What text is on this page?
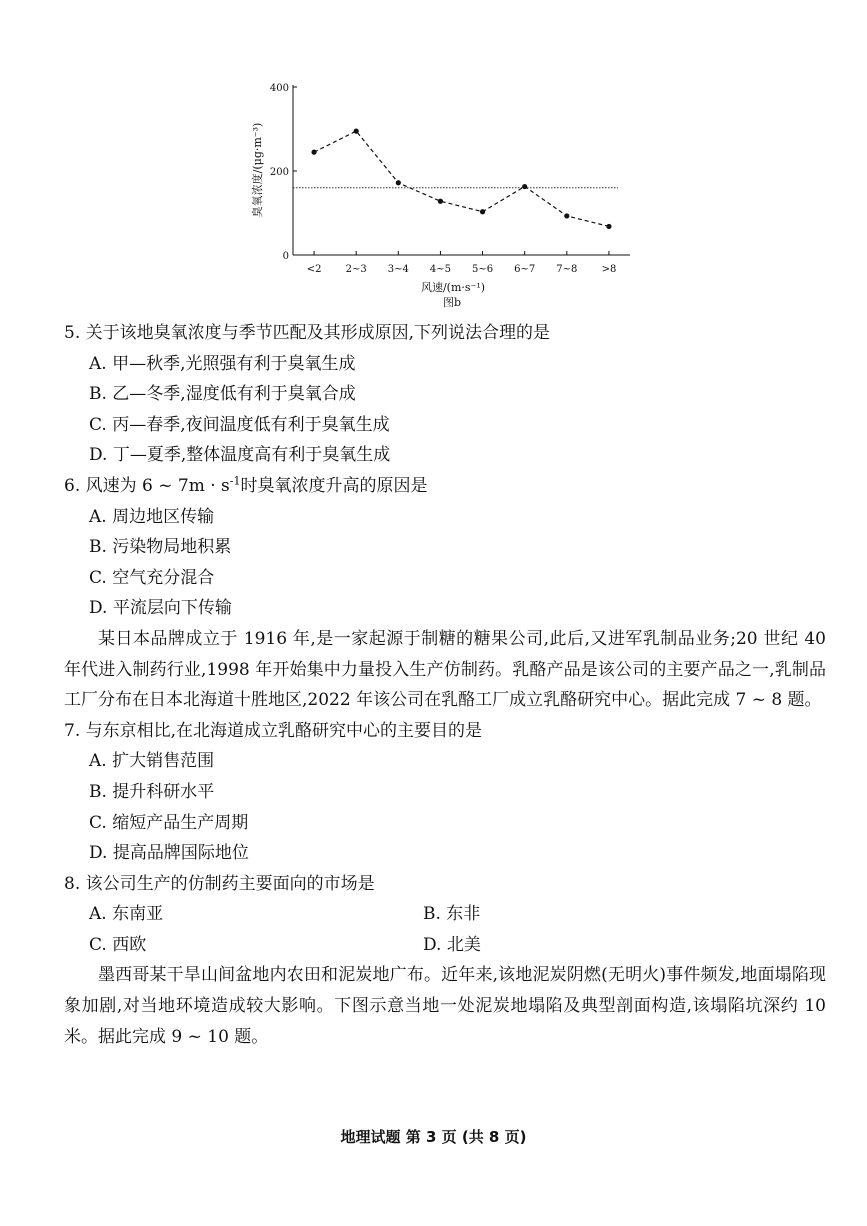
臭氧浓度/(μg·m⁻³)
风速/(m·s⁻¹)
图b
0
200
400
<2 2~3 3~4 4~5 5~6 6~7 7~8 >8

5. 关于该地臭氧浓度与季节匹配及其形成原因,下列说法合理的是

A. 甲—秋季,光照强有利于臭氧生成

B. 乙—冬季,湿度低有利于臭氧合成

C. 丙—春季,夜间温度低有利于臭氧生成

D. 丁—夏季,整体温度高有利于臭氧生成

6. 风速为 6 ~ $7m \cdot s^{-1}$时臭氧浓度升高的原因是

A. 周边地区传输

B. 污染物局地积累

C. 空气充分混合

D. 平流层向下传输

某日本品牌成立于 1916 年,是一家起源于制糖的糖果公司,此后,又进军乳制品业务;20 世纪 40 年代进入制药行业,1998 年开始集中力量投入生产仿制药。乳酪产品是该公司的主要产品之一,乳制品工厂分布在日本北海道十胜地区,2022 年该公司在乳酪工厂成立乳酪研究中心。据此完成 7 ~ 8 题。

7. 与东京相比,在北海道成立乳酪研究中心的主要目的是

A. 扩大销售范围

B. 提升科研水平

C. 缩短产品生产周期

D. 提高品牌国际地位

8. 该公司生产的仿制药主要面向的市场是

A. 东南亚	B. 东非
C. 西欧	D. 北美

墨西哥某干旱山间盆地内农田和泥炭地广布。近年来,该地泥炭阴燃(无明火)事件频发,地面塌陷现象加剧,对当地环境造成较大影响。下图示意当地一处泥炭地塌陷及典型剖面构造,该塌陷坑深约 10 米。据此完成 9 ~ 10 题。

地理试题 第 3 页 (共 8 页)
